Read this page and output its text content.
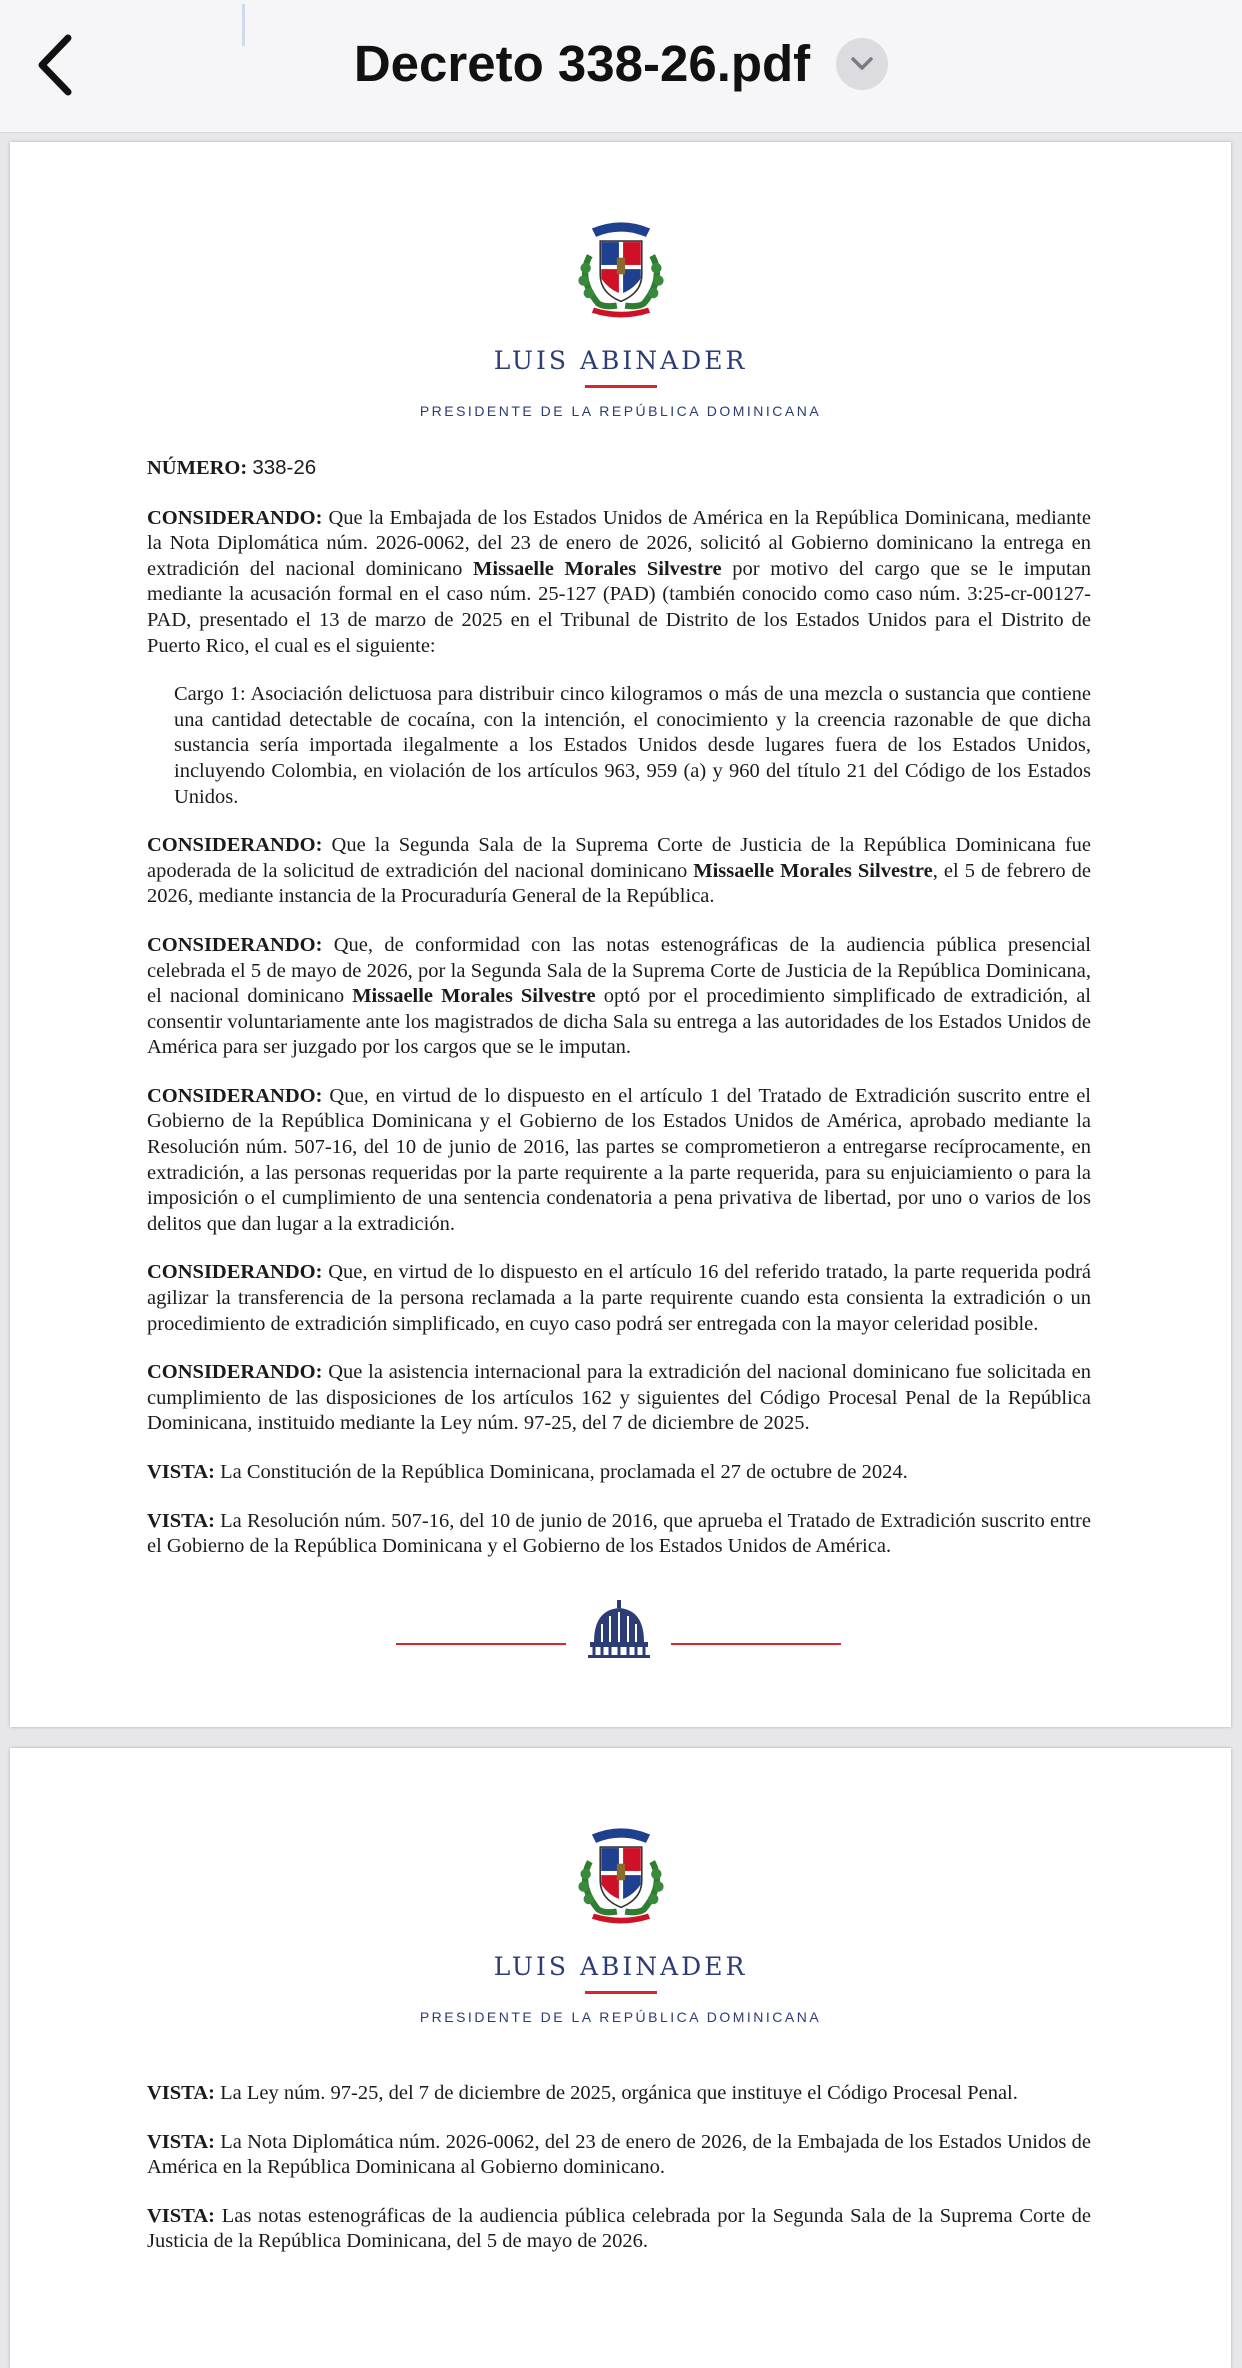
Decreto 338-26.pdf
LUIS ABINADER
PRESIDENTE DE LA REPÚBLICA DOMINICANA

NÚMERO: 338-26

CONSIDERANDO: Que la Embajada de los Estados Unidos de América en la República Dominicana, mediante la Nota Diplomática núm. 2026-0062, del 23 de enero de 2026, solicitó al Gobierno dominicano la entrega en extradición del nacional dominicano Missaelle Morales Silvestre por motivo del cargo que se le imputan mediante la acusación formal en el caso núm. 25-127 (PAD) (también conocido como caso núm. 3:25-cr-00127-PAD, presentado el 13 de marzo de 2025 en el Tribunal de Distrito de los Estados Unidos para el Distrito de Puerto Rico, el cual es el siguiente:

Cargo 1: Asociación delictuosa para distribuir cinco kilogramos o más de una mezcla o sustancia que contiene una cantidad detectable de cocaína, con la intención, el conocimiento y la creencia razonable de que dicha sustancia sería importada ilegalmente a los Estados Unidos desde lugares fuera de los Estados Unidos, incluyendo Colombia, en violación de los artículos 963, 959 (a) y 960 del título 21 del Código de los Estados Unidos.

CONSIDERANDO: Que la Segunda Sala de la Suprema Corte de Justicia de la República Dominicana fue apoderada de la solicitud de extradición del nacional dominicano Missaelle Morales Silvestre, el 5 de febrero de 2026, mediante instancia de la Procuraduría General de la República.

CONSIDERANDO: Que, de conformidad con las notas estenográficas de la audiencia pública presencial celebrada el 5 de mayo de 2026, por la Segunda Sala de la Suprema Corte de Justicia de la República Dominicana, el nacional dominicano Missaelle Morales Silvestre optó por el procedimiento simplificado de extradición, al consentir voluntariamente ante los magistrados de dicha Sala su entrega a las autoridades de los Estados Unidos de América para ser juzgado por los cargos que se le imputan.

CONSIDERANDO: Que, en virtud de lo dispuesto en el artículo 1 del Tratado de Extradición suscrito entre el Gobierno de la República Dominicana y el Gobierno de los Estados Unidos de América, aprobado mediante la Resolución núm. 507-16, del 10 de junio de 2016, las partes se comprometieron a entregarse recíprocamente, en extradición, a las personas requeridas por la parte requirente a la parte requerida, para su enjuiciamiento o para la imposición o el cumplimiento de una sentencia condenatoria a pena privativa de libertad, por uno o varios de los delitos que dan lugar a la extradición.

CONSIDERANDO: Que, en virtud de lo dispuesto en el artículo 16 del referido tratado, la parte requerida podrá agilizar la transferencia de la persona reclamada a la parte requirente cuando esta consienta la extradición o un procedimiento de extradición simplificado, en cuyo caso podrá ser entregada con la mayor celeridad posible.

CONSIDERANDO: Que la asistencia internacional para la extradición del nacional dominicano fue solicitada en cumplimiento de las disposiciones de los artículos 162 y siguientes del Código Procesal Penal de la República Dominicana, instituido mediante la Ley núm. 97-25, del 7 de diciembre de 2025.

VISTA: La Constitución de la República Dominicana, proclamada el 27 de octubre de 2024.

VISTA: La Resolución núm. 507-16, del 10 de junio de 2016, que aprueba el Tratado de Extradición suscrito entre el Gobierno de la República Dominicana y el Gobierno de los Estados Unidos de América.

LUIS ABINADER
PRESIDENTE DE LA REPÚBLICA DOMINICANA

VISTA: La Ley núm. 97-25, del 7 de diciembre de 2025, orgánica que instituye el Código Procesal Penal.

VISTA: La Nota Diplomática núm. 2026-0062, del 23 de enero de 2026, de la Embajada de los Estados Unidos de América en la República Dominicana al Gobierno dominicano.

VISTA: Las notas estenográficas de la audiencia pública celebrada por la Segunda Sala de la Suprema Corte de Justicia de la República Dominicana, del 5 de mayo de 2026.
